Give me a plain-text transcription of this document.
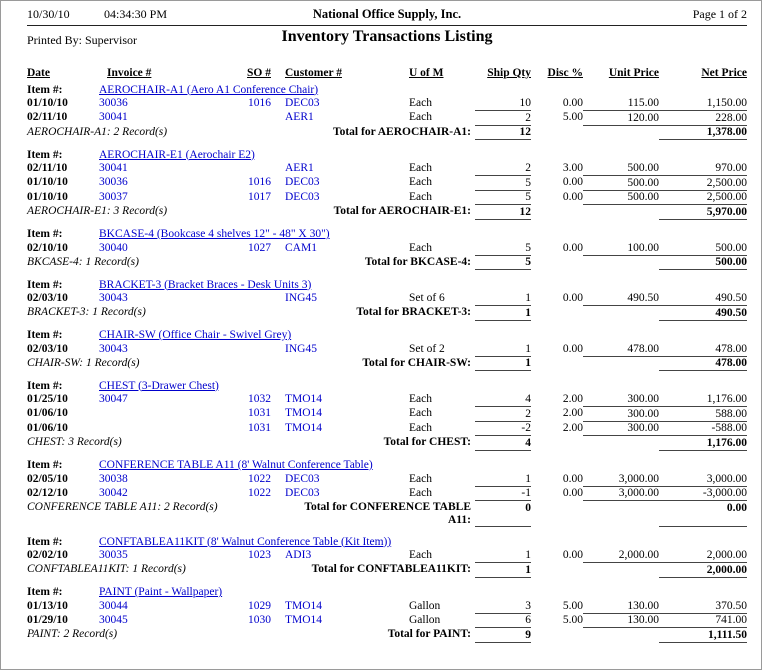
10/30/10	04:34:30 PM	National Office Supply, Inc.	Page 1 of 2
Printed By: Supervisor	Inventory Transactions Listing
Date	Invoice #	SO #	Customer #	U of M	Ship Qty	Disc %	Unit Price	Net Price
Item #:	AEROCHAIR-A1 (Aero A1 Conference Chair)							
01/10/10	30036	1016	DEC03	Each	10	0.00	115.00	1,150.00
02/11/10	30041		AER1	Each	2	5.00	120.00	228.00
AEROCHAIR-A1: 2 Record(s)		Total for AEROCHAIR-A1:			12			1,378.00

Item #:	AEROCHAIR-E1 (Aerochair E2)							
02/11/10	30041		AER1	Each	2	3.00	500.00	970.00
01/10/10	30036	1016	DEC03	Each	5	0.00	500.00	2,500.00
01/10/10	30037	1017	DEC03	Each	5	0.00	500.00	2,500.00
AEROCHAIR-E1: 3 Record(s)		Total for AEROCHAIR-E1:			12			5,970.00

Item #:	BKCASE-4 (Bookcase 4 shelves 12" - 48" X 30")							
02/10/10	30040	1027	CAM1	Each	5	0.00	100.00	500.00
BKCASE-4: 1 Record(s)		Total for BKCASE-4:			5			500.00

Item #:	BRACKET-3 (Bracket Braces - Desk Units 3)							
02/03/10	30043		ING45	Set of 6	1	0.00	490.50	490.50
BRACKET-3: 1 Record(s)		Total for BRACKET-3:			1			490.50

Item #:	CHAIR-SW (Office Chair - Swivel Grey)							
02/03/10	30043		ING45	Set of 2	1	0.00	478.00	478.00
CHAIR-SW: 1 Record(s)		Total for CHAIR-SW:			1			478.00

Item #:	CHEST (3-Drawer Chest)							
01/25/10	30047	1032	TMO14	Each	4	2.00	300.00	1,176.00
01/06/10		1031	TMO14	Each	2	2.00	300.00	588.00
01/06/10		1031	TMO14	Each	-2	2.00	300.00	-588.00
CHEST: 3 Record(s)		Total for CHEST:			4			1,176.00

Item #:	CONFERENCE TABLE A11 (8' Walnut Conference Table)							
02/05/10	30038	1022	DEC03	Each	1	0.00	3,000.00	3,000.00
02/12/10	30042	1022	DEC03	Each	-1	0.00	3,000.00	-3,000.00
CONFERENCE TABLE A11: 2 Record(s)		Total for CONFERENCE TABLE A11:			0			0.00

Item #:	CONFTABLEA11KIT (8' Walnut Conference Table (Kit Item))							
02/02/10	30035	1023	ADI3	Each	1	0.00	2,000.00	2,000.00
CONFTABLEA11KIT: 1 Record(s)		Total for CONFTABLEA11KIT:			1			2,000.00

Item #:	PAINT (Paint - Wallpaper)							
01/13/10	30044	1029	TMO14	Gallon	3	5.00	130.00	370.50
01/29/10	30045	1030	TMO14	Gallon	6	5.00	130.00	741.00
PAINT: 2 Record(s)		Total for PAINT:			9			1,111.50
